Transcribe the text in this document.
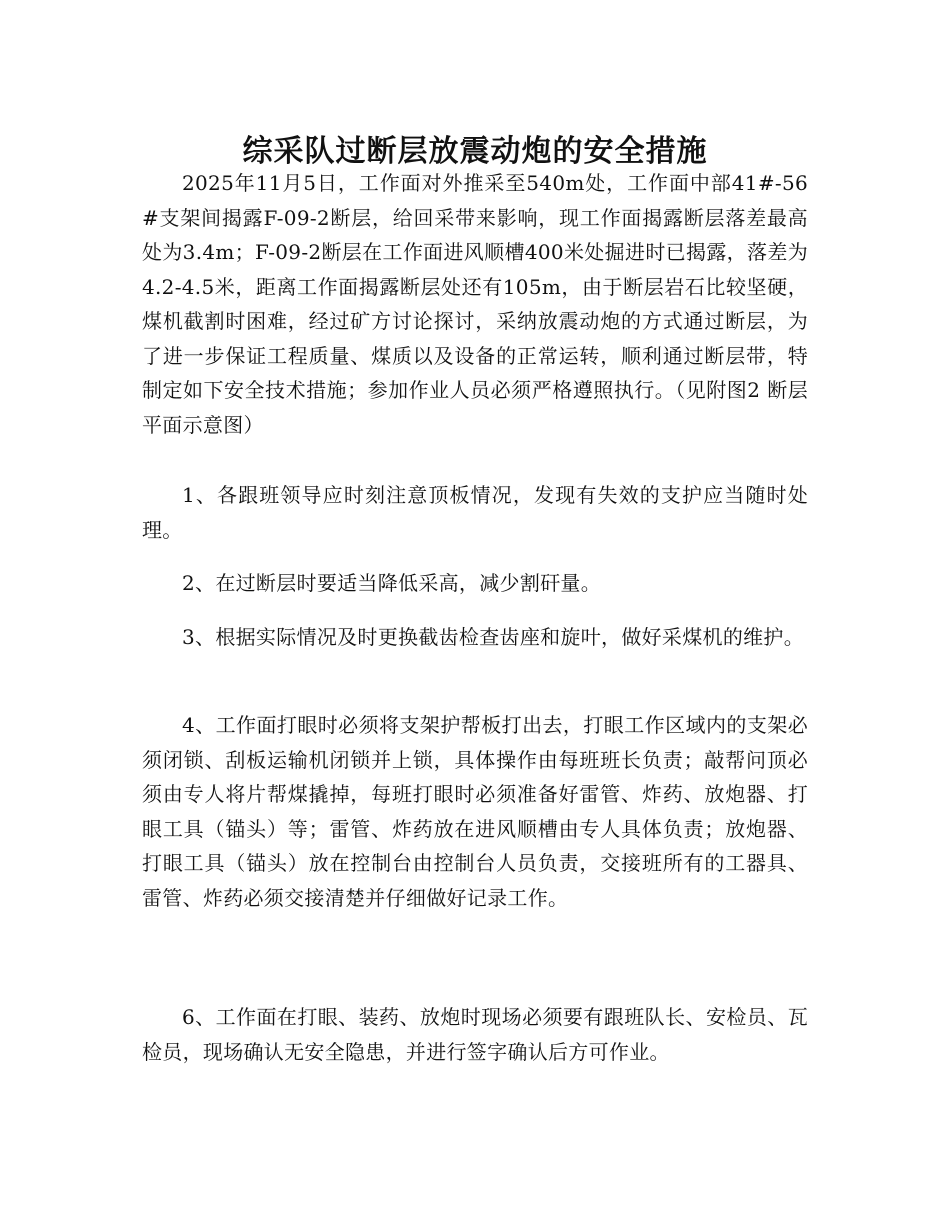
综采队过断层放震动炮的安全措施

2025年11月5日，工作面对外推采至540m处，工作面中部41#-56#支架间揭露F-09-2断层，给回采带来影响，现工作面揭露断层落差最高处为3.4m；F-09-2断层在工作面进风顺槽400米处掘进时已揭露，落差为4.2-4.5米，距离工作面揭露断层处还有105m，由于断层岩石比较坚硬，煤机截割时困难，经过矿方讨论探讨，采纳放震动炮的方式通过断层，为了进一步保证工程质量、煤质以及设备的正常运转，顺利通过断层带，特制定如下安全技术措施；参加作业人员必须严格遵照执行。（见附图2 断层平面示意图）

1、各跟班领导应时刻注意顶板情况，发现有失效的支护应当随时处理。

2、在过断层时要适当降低采高，减少割矸量。

3、根据实际情况及时更换截齿检查齿座和旋叶，做好采煤机的维护。

4、工作面打眼时必须将支架护帮板打出去，打眼工作区域内的支架必须闭锁、刮板运输机闭锁并上锁，具体操作由每班班长负责；敲帮问顶必须由专人将片帮煤撬掉，每班打眼时必须准备好雷管、炸药、放炮器、打眼工具（锚头）等；雷管、炸药放在进风顺槽由专人具体负责；放炮器、打眼工具（锚头）放在控制台由控制台人员负责，交接班所有的工器具、雷管、炸药必须交接清楚并仔细做好记录工作。

6、工作面在打眼、装药、放炮时现场必须要有跟班队长、安检员、瓦检员，现场确认无安全隐患，并进行签字确认后方可作业。
